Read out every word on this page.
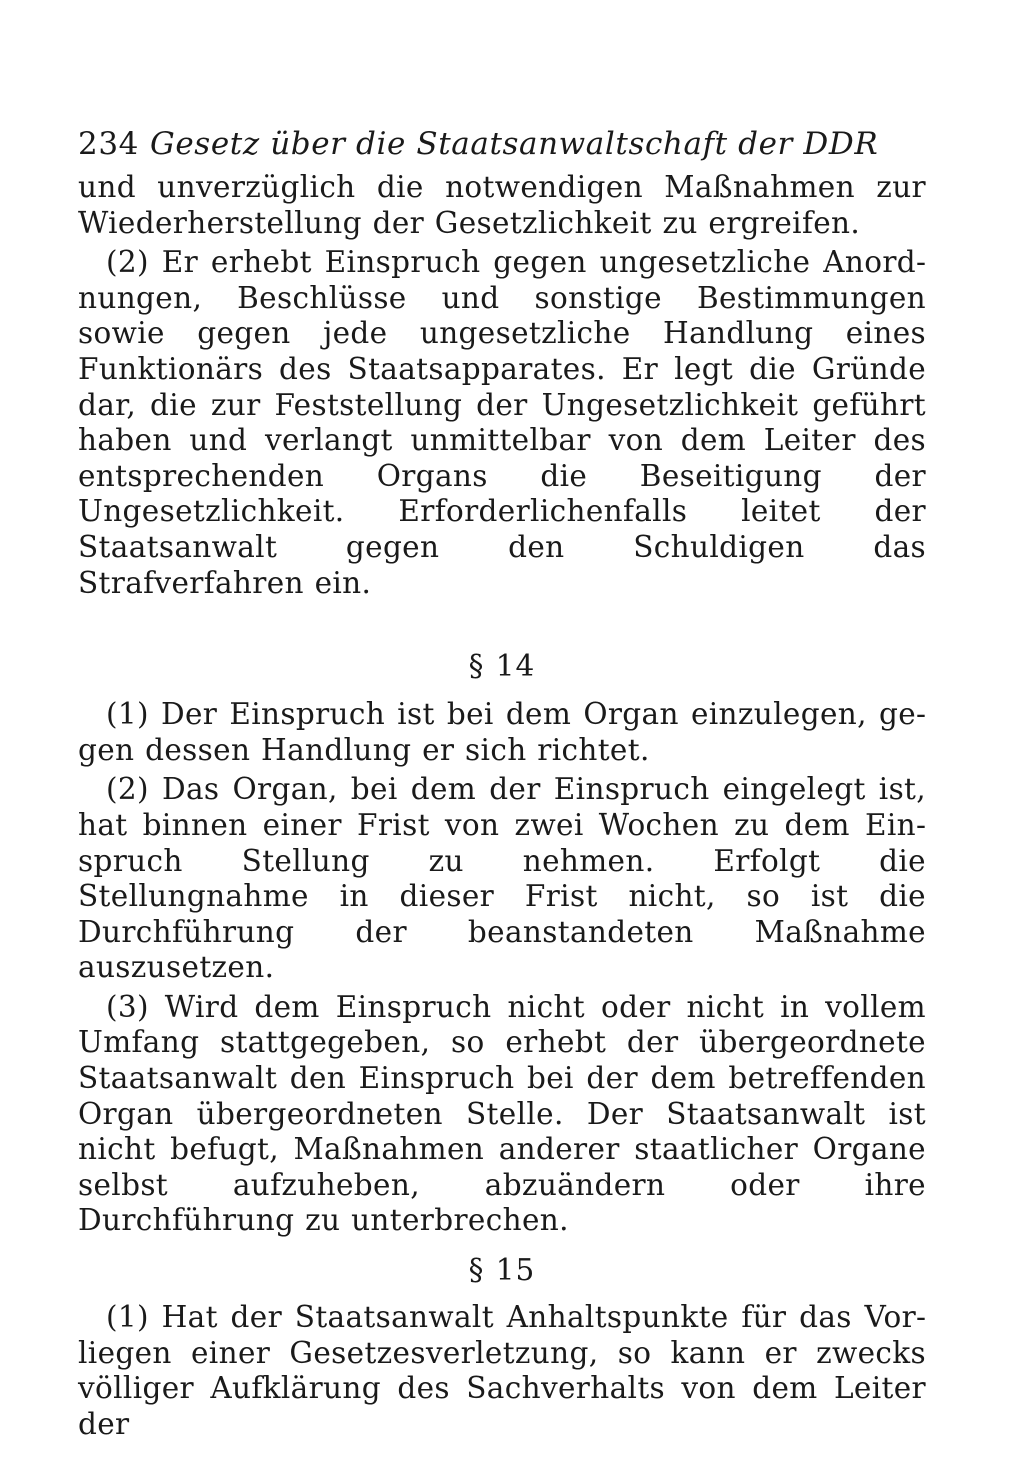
234 Gesetz über die Staatsanwaltschaft der DDR

und unverzüglich die notwendigen Maßnahmen zur Wiederherstellung der Gesetzlichkeit zu ergreifen.

(2) Er erhebt Einspruch gegen ungesetzliche Anordnungen, Beschlüsse und sonstige Bestimmungen sowie gegen jede ungesetzliche Handlung eines Funktionärs des Staatsapparates. Er legt die Gründe dar, die zur Feststellung der Ungesetzlichkeit geführt haben und verlangt unmittelbar von dem Leiter des entsprechenden Organs die Beseitigung der Ungesetzlichkeit. Erforderlichenfalls leitet der Staatsanwalt gegen den Schuldigen das Strafverfahren ein.

§ 14

(1) Der Einspruch ist bei dem Organ einzulegen, gegen dessen Handlung er sich richtet.

(2) Das Organ, bei dem der Einspruch eingelegt ist, hat binnen einer Frist von zwei Wochen zu dem Einspruch Stellung zu nehmen. Erfolgt die Stellungnahme in dieser Frist nicht, so ist die Durchführung der beanstandeten Maßnahme auszusetzen.

(3) Wird dem Einspruch nicht oder nicht in vollem Umfang stattgegeben, so erhebt der übergeordnete Staatsanwalt den Einspruch bei der dem betreffenden Organ übergeordneten Stelle. Der Staatsanwalt ist nicht befugt, Maßnahmen anderer staatlicher Organe selbst aufzuheben, abzuändern oder ihre Durchführung zu unterbrechen.

§ 15

(1) Hat der Staatsanwalt Anhaltspunkte für das Vorliegen einer Gesetzesverletzung, so kann er zwecks völliger Aufklärung des Sachverhalts von dem Leiter der
